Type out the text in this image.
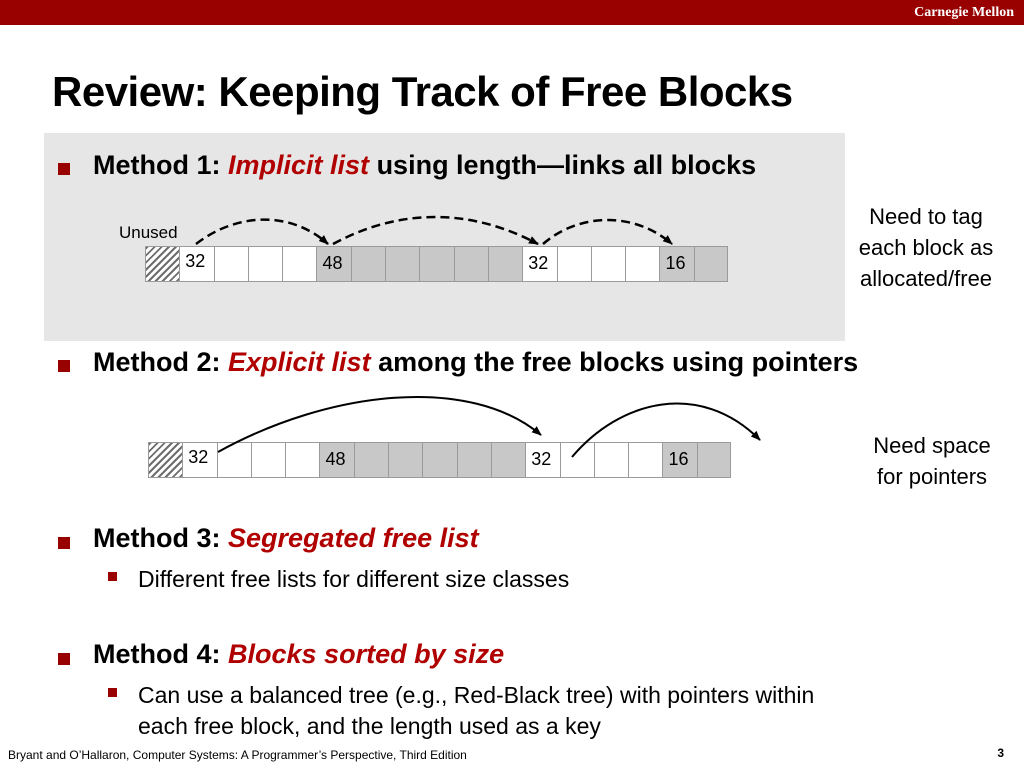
Carnegie Mellon
Review: Keeping Track of Free Blocks
Method 1: Implicit list using length—links all blocks
Unused
32	48	32	16
Need to tag
each block as
allocated/free
Method 2: Explicit list among the free blocks using pointers
32	48	32	16
Need space
for pointers
Method 3: Segregated free list
Different free lists for different size classes
Method 4: Blocks sorted by size
Can use a balanced tree (e.g., Red-Black tree) with pointers within
each free block, and the length used as a key
Bryant and O’Hallaron, Computer Systems: A Programmer’s Perspective, Third Edition	3
